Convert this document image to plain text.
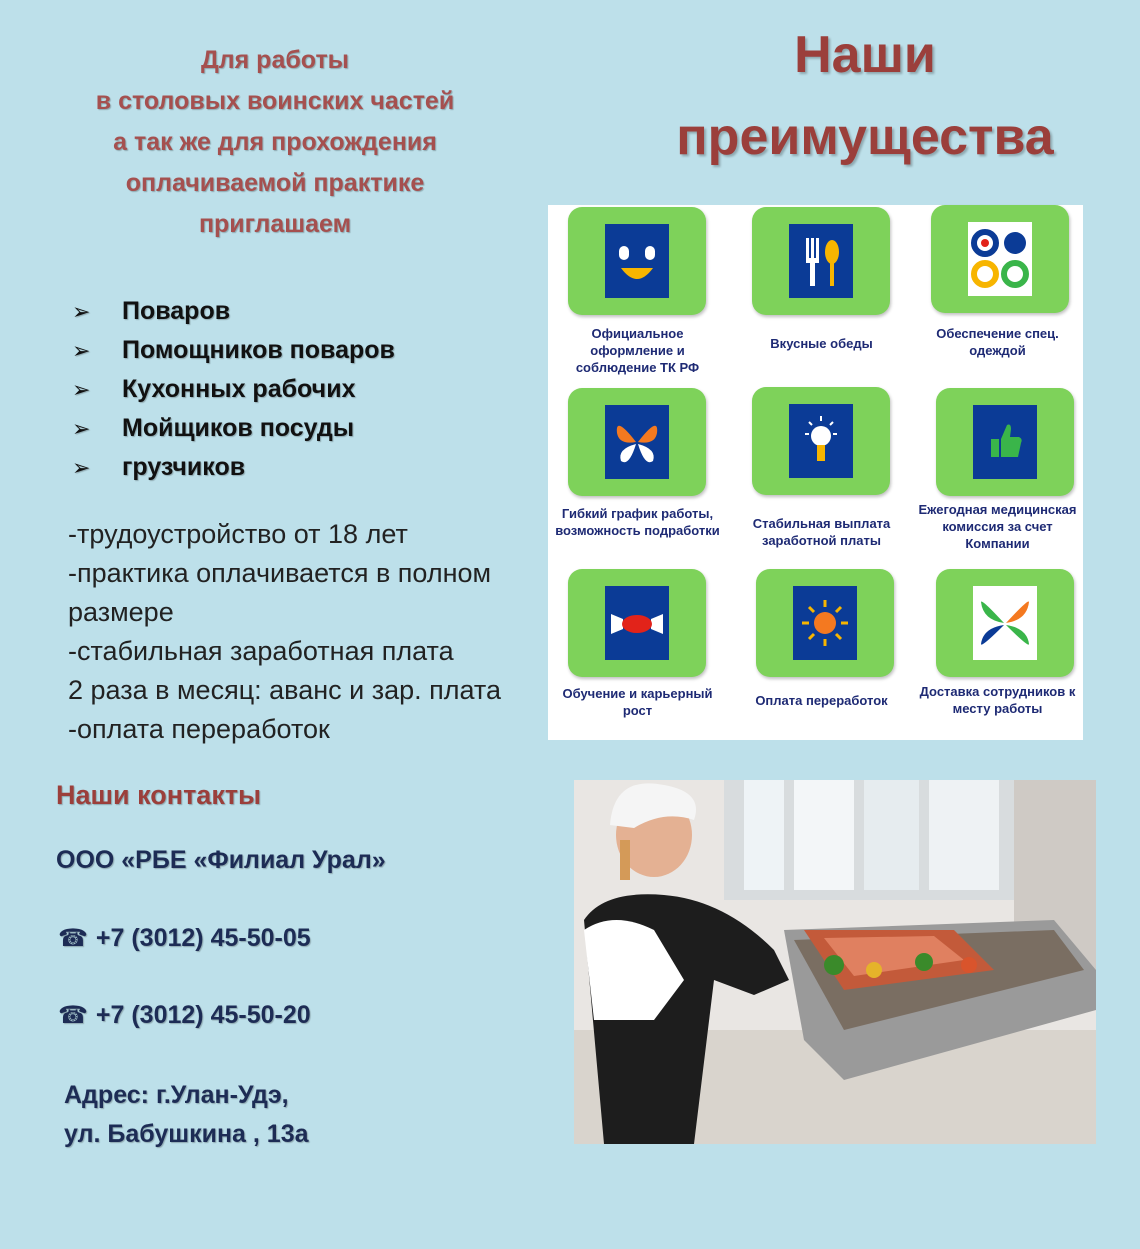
Для работы
в столовых воинских частей
а так же для прохождения
оплачиваемой практике
приглашаем
Наши
преимущества
➢	Поваров
➢	Помощников поваров
➢	Кухонных рабочих
➢	Мойщиков посуды
➢	грузчиков
-трудоустройство от 18 лет
-практика оплачивается в полном
размере
-стабильная заработная плата
2 раза в месяц: аванс и зар. плата
-оплата переработок
Наши контакты
ООО «РБЕ «Филиал Урал»
☎ +7 (3012) 45-50-05
☎ +7 (3012) 45-50-20
Адрес: г.Улан-Удэ,
ул. Бабушкина , 13а
Официальное оформление и соблюдение ТК РФ
Вкусные обеды
Обеспечение спец. одеждой
Гибкий график работы, возможность подработки	Стабильная выплата заработной платы
Ежегодная медицинская комиссия за счет Компании
Обучение и карьерный рост
Оплата переработок
Доставка сотрудников к месту работы
